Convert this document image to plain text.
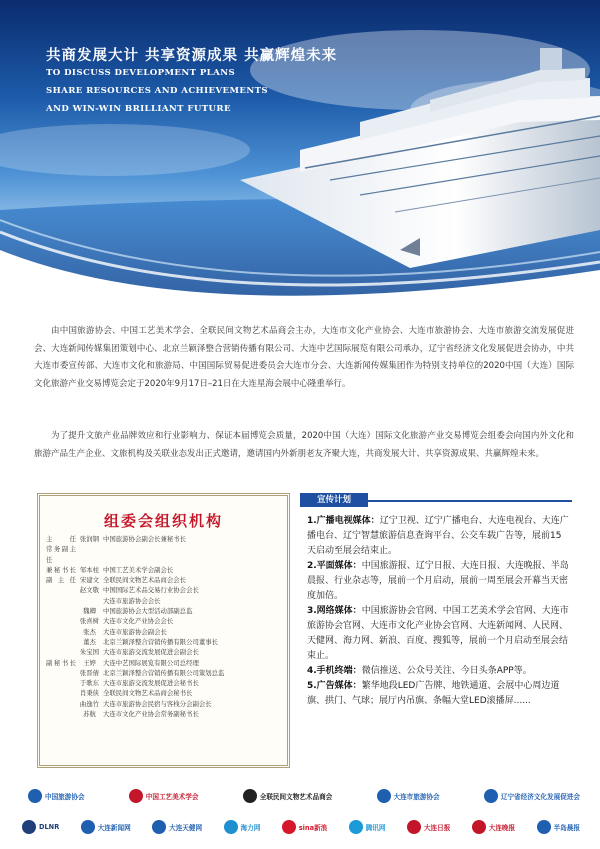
共商发展大计 共享资源成果 共赢辉煌未来
TO DISCUSS DEVELOPMENT PLANS
SHARE RESOURCES AND ACHIEVEMENTS
AND WIN-WIN BRILLIANT FUTURE

由中国旅游协会、中国工艺美术学会、全联民间文物艺术品商会主办，大连市文化产业协会、大连市旅游协会、大连市旅游交流发展促进会、大连新闻传媒集团策划中心、北京兰颖泽整合营销传播有限公司、大连中艺国际展览有限公司承办，辽宁省经济文化发展促进会协办，中共大连市委宣传部、大连市文化和旅游局、中国国际贸易促进委员会大连市分会、大连新闻传媒集团作为特别支持单位的2020中国（大连）国际文化旅游产业交易博览会定于2020年9月17日–21日在大连星海会展中心隆重举行。

为了提升文旅产业品牌效应和行业影响力、保证本届博览会质量，2020中国（大连）国际文化旅游产业交易博览会组委会向国内外文化和旅游产品生产企业、文旅机构及关联业态发出正式邀请，邀请国内外新朋老友齐聚大连，共商发展大计、共享资源成果、共赢辉煌未来。

组委会组织机构
主任 张润钢 中国旅游协会副会长兼秘书长
常务副主任
兼秘书长 邹本柱 中国工艺美术学会副会长
副主任 宋建文 全联民间文物艺术品商会会长
赵文敬 中国国际艺术品交易行业协会会长
大连市旅游协会会长
魏卿	中国旅游协会大型活动部副总监
张喜树 大连市文化产业协会会长
张杰	大连市旅游协会副会长
董杰	北京兰颖泽整合营销传播有限公司董事长
朱宝国 大连市旅游交流发展促进会副会长
副秘书长	王婷	大连中艺国际展览有限公司总经理
张晋倩 北京兰颖泽整合营销传播有限公司策划总监
于歌东 大连市旅游交流发展促进会秘书长
肖秉侠 全联民间文物艺术品商会秘书长
曲逸竹 大连市旅游协会民宿与客栈分会副会长
苏航	大连市文化产业协会常务副秘书长
宣传计划

1.广播电视媒体：辽宁卫视、辽宁广播电台、大连电视台、大连广播电台、辽宁智慧旅游信息查询平台、公交车载广告等，展前15天启动至展会结束止。

2.平面媒体：中国旅游报、辽宁日报、大连日报、大连晚报、半岛晨报、行业杂志等，展前一个月启动，展前一周至展会开幕当天密度加倍。

3.网络媒体：中国旅游协会官网、中国工艺美术学会官网、大连市旅游协会官网、大连市文化产业协会官网、大连新闻网、人民网、天健网、海力网、新浪、百度、搜狐等，展前一个月启动至展会结束止。

4.手机终端：微信推送、公众号关注、今日头条APP等。

5.广告媒体：繁华地段LED广告牌、地铁通道、会展中心周边道旗、拱门、气球；展厅内吊旗、条幅大堂LED滚播屏......

中国旅游协会	中国工艺美术学会	全联民间文物艺术品商会	大连市旅游协会	辽宁省经济文化发展促进会
DLNR	大连新闻网	大连天健网	海力网	sina新浪	腾讯网	大连日报	大连晚报	半岛晨报
